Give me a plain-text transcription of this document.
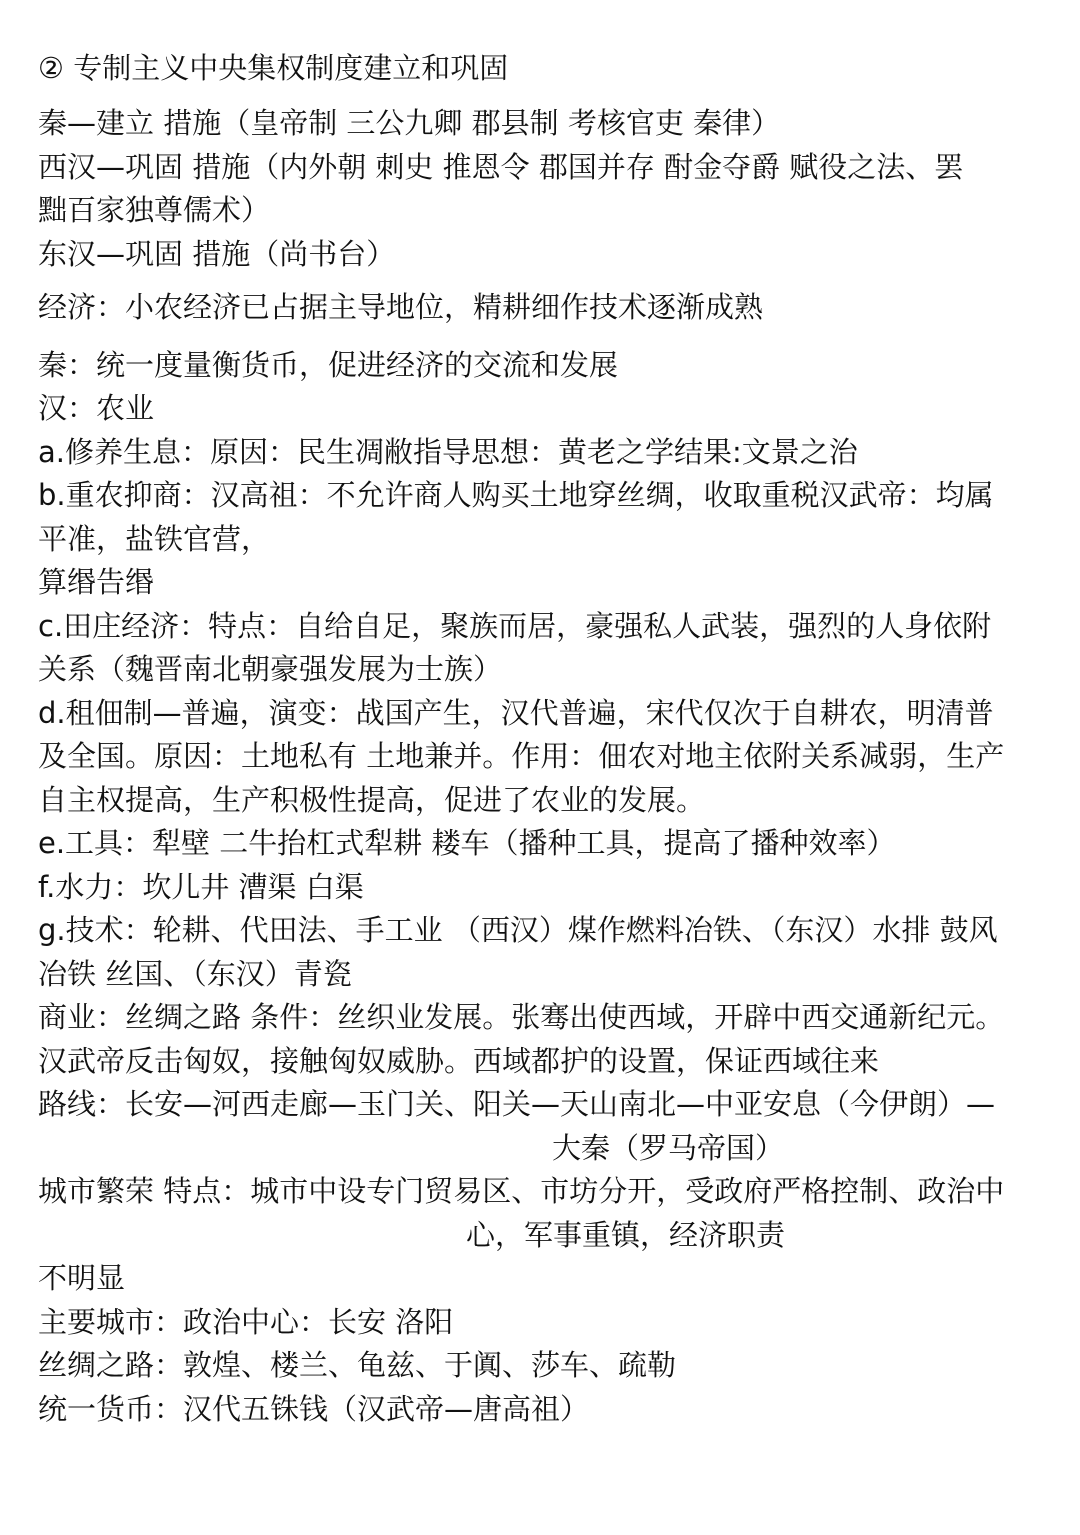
② 专制主义中央集权制度建立和巩固
秦—建立 措施（皇帝制 三公九卿 郡县制 考核官吏 秦律）
西汉—巩固 措施（内外朝 刺史 推恩令 郡国并存 酎金夺爵 赋役之法、罢
黜百家独尊儒术）
东汉—巩固 措施（尚书台）
经济：小农经济已占据主导地位，精耕细作技术逐渐成熟
秦：统一度量衡货币，促进经济的交流和发展
汉：农业
a.修养生息：原因：民生凋敝指导思想：黄老之学结果:文景之治
b.重农抑商：汉高祖：不允许商人购买土地穿丝绸，收取重税汉武帝：均属
平准，盐铁官营，
算缗告缗
c.田庄经济：特点：自给自足，聚族而居，豪强私人武装，强烈的人身依附
关系（魏晋南北朝豪强发展为士族）
d.租佃制—普遍，演变：战国产生，汉代普遍，宋代仅次于自耕农，明清普
及全国。原因：土地私有 土地兼并。作用：佃农对地主依附关系减弱，生产
自主权提高，生产积极性提高，促进了农业的发展。
e.工具：犁壁 二牛抬杠式犁耕 耧车（播种工具，提高了播种效率）
f.水力：坎儿井 漕渠 白渠
g.技术：轮耕、代田法、手工业 （西汉）煤作燃料冶铁、（东汉）水排 鼓风
冶铁 丝国、（东汉）青瓷
商业：丝绸之路 条件：丝织业发展。张骞出使西域，开辟中西交通新纪元。
汉武帝反击匈奴，接触匈奴威胁。西域都护的设置，保证西域往来
路线：长安—河西走廊—玉门关、阳关—天山南北—中亚安息（今伊朗）—
大秦（罗马帝国）
城市繁荣 特点：城市中设专门贸易区、市坊分开，受政府严格控制、政治中
心，军事重镇，经济职责
不明显
主要城市：政治中心：长安 洛阳
丝绸之路：敦煌、楼兰、龟兹、于阗、莎车、疏勒
统一货币：汉代五铢钱（汉武帝—唐高祖）
